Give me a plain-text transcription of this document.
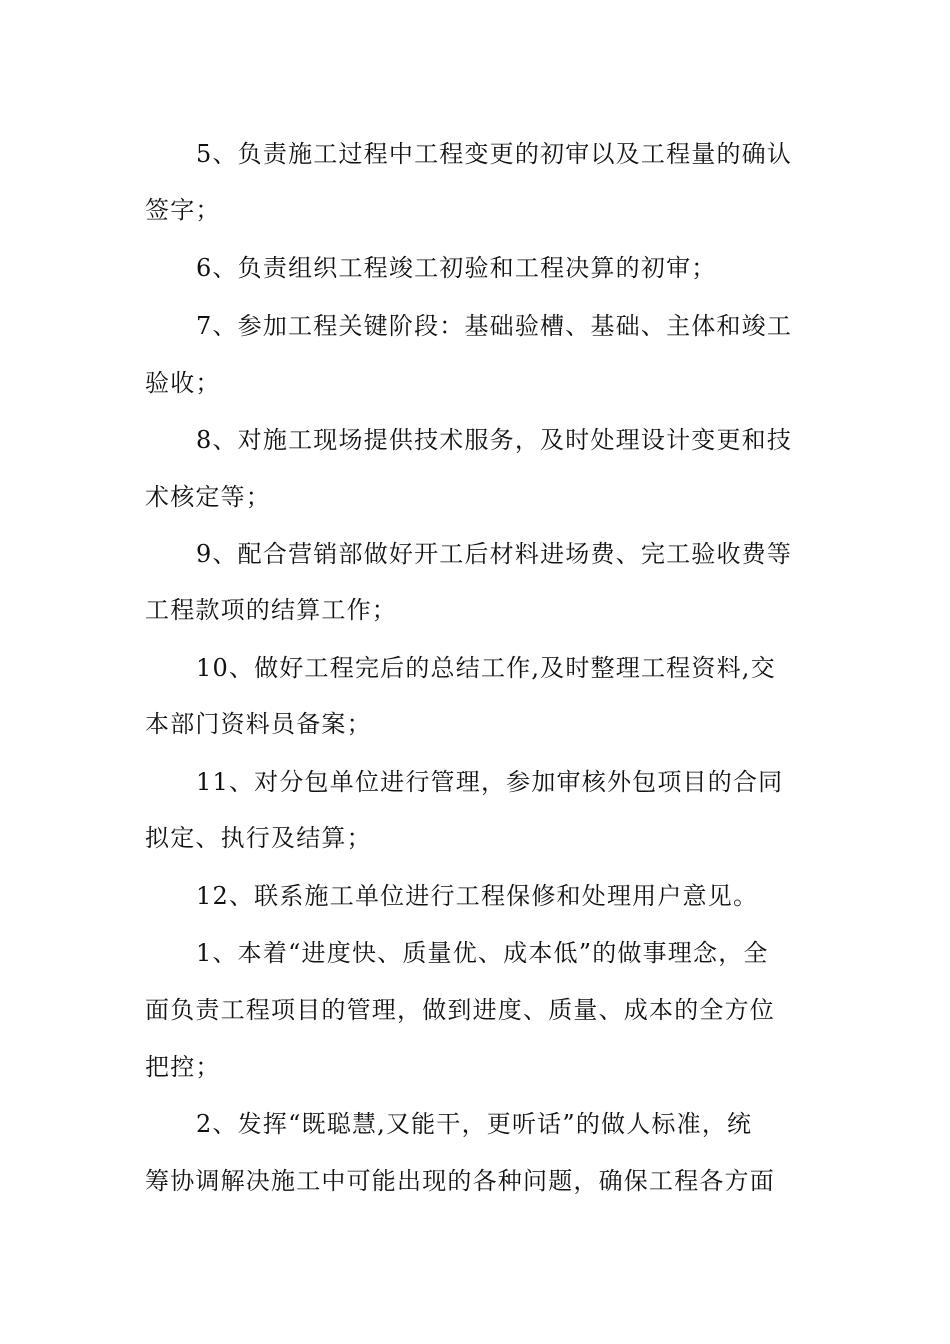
5、负责施工过程中工程变更的初审以及工程量的确认
签字；
6、负责组织工程竣工初验和工程决算的初审；
7、参加工程关键阶段：基础验槽、基础、主体和竣工
验收；
8、对施工现场提供技术服务，及时处理设计变更和技
术核定等；
9、配合营销部做好开工后材料进场费、完工验收费等
工程款项的结算工作；
10、做好工程完后的总结工作,及时整理工程资料,交
本部门资料员备案；
11、对分包单位进行管理，参加审核外包项目的合同
拟定、执行及结算；
12、联系施工单位进行工程保修和处理用户意见。
1、本着“进度快、质量优、成本低”的做事理念，全
面负责工程项目的管理，做到进度、质量、成本的全方位
把控；
2、发挥“既聪慧,又能干，更听话”的做人标准，统
筹协调解决施工中可能出现的各种问题，确保工程各方面
